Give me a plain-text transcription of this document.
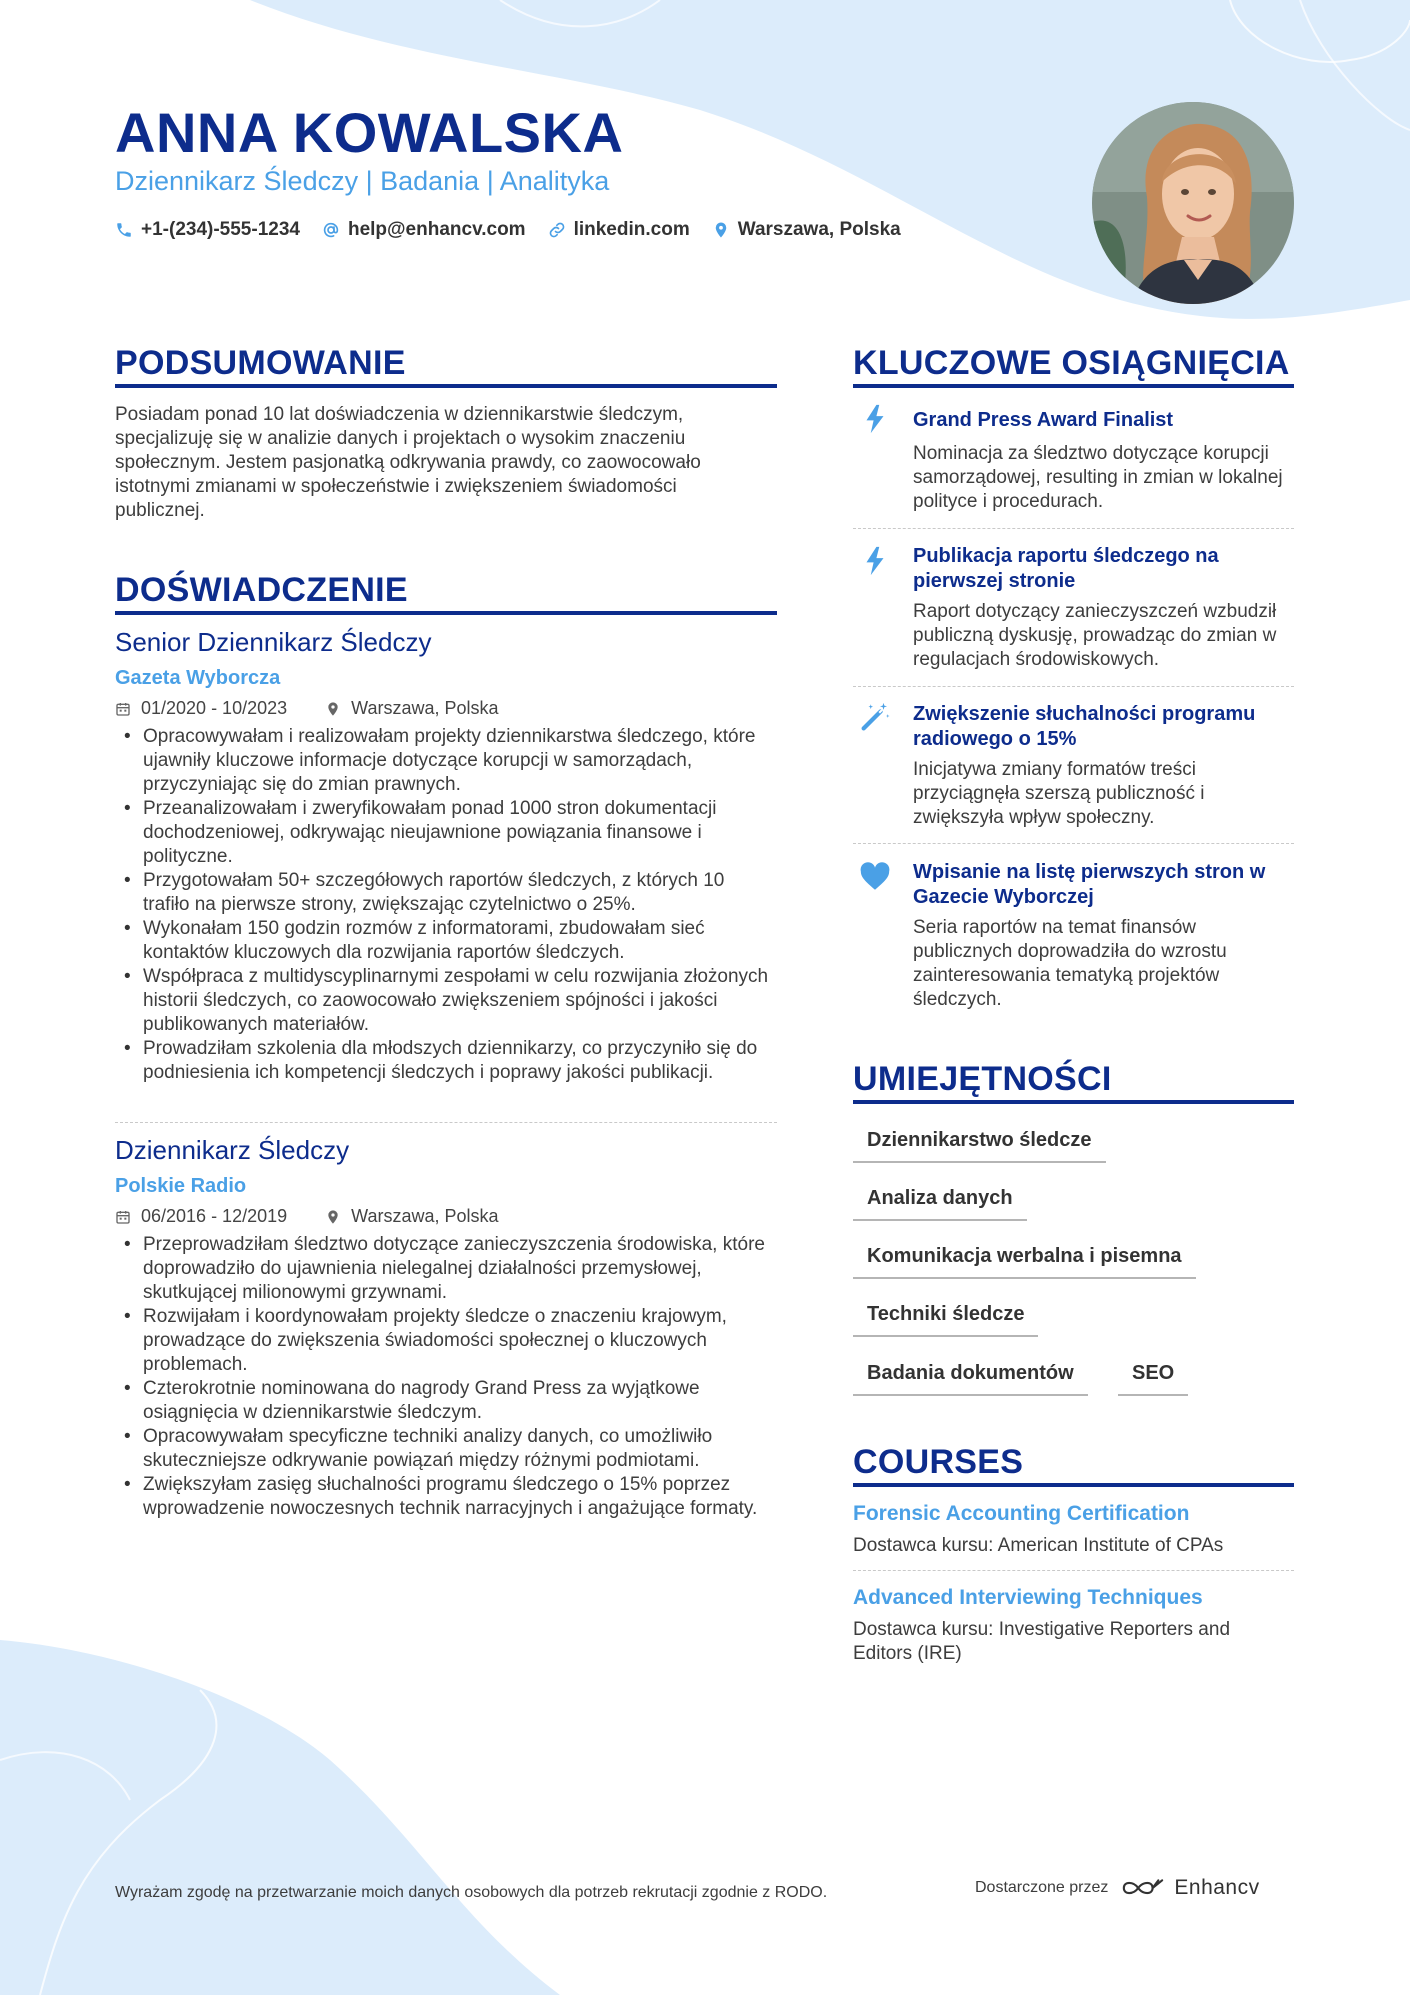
ANNA KOWALSKA
Dziennikarz Śledczy | Badania | Analityka
+1-(234)-555-1234	help@enhancv.com	linkedin.com	Warszawa, Polska
PODSUMOWANIE
Posiadam ponad 10 lat doświadczenia w dziennikarstwie śledczym, specjalizuję się w analizie danych i projektach o wysokim znaczeniu społecznym. Jestem pasjonatką odkrywania prawdy, co zaowocowało istotnymi zmianami w społeczeństwie i zwiększeniem świadomości publicznej.
DOŚWIADCZENIE
Senior Dziennikarz Śledczy
Gazeta Wyborcza
01/2020 - 10/2023	Warszawa, Polska
• Opracowywałam i realizowałam projekty dziennikarstwa śledczego, które ujawniły kluczowe informacje dotyczące korupcji w samorządach, przyczyniając się do zmian prawnych.
• Przeanalizowałam i zweryfikowałam ponad 1000 stron dokumentacji dochodzeniowej, odkrywając nieujawnione powiązania finansowe i polityczne.
• Przygotowałam 50+ szczegółowych raportów śledczych, z których 10 trafiło na pierwsze strony, zwiększając czytelnictwo o 25%.
• Wykonałam 150 godzin rozmów z informatorami, zbudowałam sieć kontaktów kluczowych dla rozwijania raportów śledczych.
• Współpraca z multidyscyplinarnymi zespołami w celu rozwijania złożonych historii śledczych, co zaowocowało zwiększeniem spójności i jakości publikowanych materiałów.
• Prowadziłam szkolenia dla młodszych dziennikarzy, co przyczyniło się do podniesienia ich kompetencji śledczych i poprawy jakości publikacji.
Dziennikarz Śledczy
Polskie Radio
06/2016 - 12/2019	Warszawa, Polska
• Przeprowadziłam śledztwo dotyczące zanieczyszczenia środowiska, które doprowadziło do ujawnienia nielegalnej działalności przemysłowej, skutkującej milionowymi grzywnami.
• Rozwijałam i koordynowałam projekty śledcze o znaczeniu krajowym, prowadzące do zwiększenia świadomości społecznej o kluczowych problemach.
• Czterokrotnie nominowana do nagrody Grand Press za wyjątkowe osiągnięcia w dziennikarstwie śledczym.
• Opracowywałam specyficzne techniki analizy danych, co umożliwiło skuteczniejsze odkrywanie powiązań między różnymi podmiotami.
• Zwiększyłam zasięg słuchalności programu śledczego o 15% poprzez wprowadzenie nowoczesnych technik narracyjnych i angażujące formaty.
KLUCZOWE OSIĄGNIĘCIA
Grand Press Award Finalist
Nominacja za śledztwo dotyczące korupcji samorządowej, resulting in zmian w lokalnej polityce i procedurach.
Publikacja raportu śledczego na pierwszej stronie
Raport dotyczący zanieczyszczeń wzbudził publiczną dyskusję, prowadząc do zmian w regulacjach środowiskowych.
Zwiększenie słuchalności programu radiowego o 15%
Inicjatywa zmiany formatów treści przyciągnęła szerszą publiczność i zwiększyła wpływ społeczny.
Wpisanie na listę pierwszych stron w Gazecie Wyborczej
Seria raportów na temat finansów publicznych doprowadziła do wzrostu zainteresowania tematyką projektów śledczych.
UMIEJĘTNOŚCI
Dziennikarstwo śledcze
Analiza danych
Komunikacja werbalna i pisemna
Techniki śledcze
Badania dokumentów	SEO
COURSES
Forensic Accounting Certification
Dostawca kursu: American Institute of CPAs
Advanced Interviewing Techniques
Dostawca kursu: Investigative Reporters and Editors (IRE)
Wyrażam zgodę na przetwarzanie moich danych osobowych dla potrzeb rekrutacji zgodnie z RODO.	Dostarczone przez	Enhancv
